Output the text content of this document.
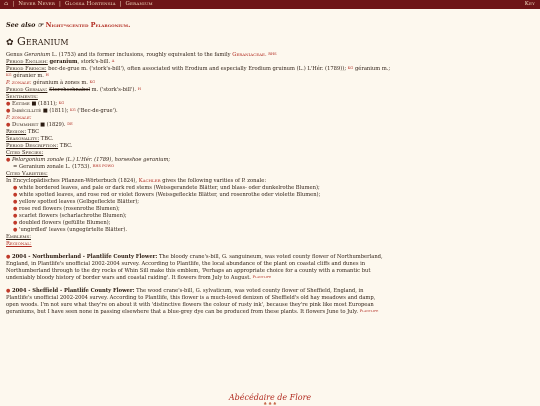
⌂ | Never Never | Glossa Hortensia | Geranium	Key
See also ☞ Night-scented Pelargonium.
✿ Geranium
Genus Geranium L. (1753) and its former inclusions, roughly equivalent to the family Geraniaceae. $^{RHS}$
Period English: geranium, stork's-bill. $^A$
Period French: bec-de-grue m. ('stork's-bill'), often associated with Erodium and especially Erodium gruinum (L.) L'Hér. (1789)); $^{KG}$ géranium m.;
$^{KG}$ géranier m. $^H$
P. zonale: géranium à zones m. $^{KG}$
Period German: Storchschnabel m. ('stork's-bill'). $^H$
Sentiments:
● Estime ■ (1811); $^{KG}$
● Imbécillité ■ (1811); $^{KG}$ ('Bec-de-grue').
P. zonale:
● Dummheit ■ (1829). $^{DE}$
Region: TBC
Seasonality: TBC.
Period Description: TBC.
Cited Species:
● Pelargonium zonale (L.) L'Hér. (1789), horseshoe geranium;
= Geranium zonale L. (1753). $^{RHS POWO}$
Cited Varieties:
In Encyclopädisches Pflanzen-Wörterbuch (1824), Kachler gives the following varities of P. zonale:
● white bordered leaves, and pale or dark red stems (Weissgerandete Blätter, und blass- oder dunkelrothe Blumen);
● white spotted leaves, and rose red or violet flowers (Weissgefleckte Blätter, und rosenrothe oder violette Blumen);
● yellow spotted leaves (Gelbgefleckte Blätter);
● rose red flowers (rosenrothe Blumen);
● scarlet flowers (scharlachrothe Blumen);
● doubled flowers (gefüllte Blumen);
● 'ungirdled' leaves (ungegürtelte Blätter).
Emblems:
Regional:
● 2004 - Northumberland - Plantlife County Flower: The bloody crane's-bill, G. sanguineum, was voted county flower of Northumberland, England, in Plantlife's unofficial 2002-2004 survey. According to Plantlife, the local abundance of the plant on coastal cliffs and dunes in Northumberland through to the dry rocks of Whin Sill make this emblem, 'Perhaps an appropriate choice for a county with a romantic but undeniably bloody history of border wars and coastal raiding'. It flowers from July to August. $^{Plantlife}$
● 2004 - Sheffield - Plantlife County Flower: The wood crane's-bill, G. sylvaticum, was voted county flower of Sheffield, England, in Plantlife's unofficial 2002-2004 survey. According to Plantlife, this flower is a much-loved denizen of Sheffield's old hay meadows and damp, open woods. I'm not sure what they're on about it with 'distinctive flowers the colour of rusty ink', because they're pink like most European geraniums, but I have seen none in passing elsewhere that a blue-grey dye can be produced from these plants. It flowers June to July. $^{Plantlife}$
Abécédaire de Flore
♣ ♣ ♣
